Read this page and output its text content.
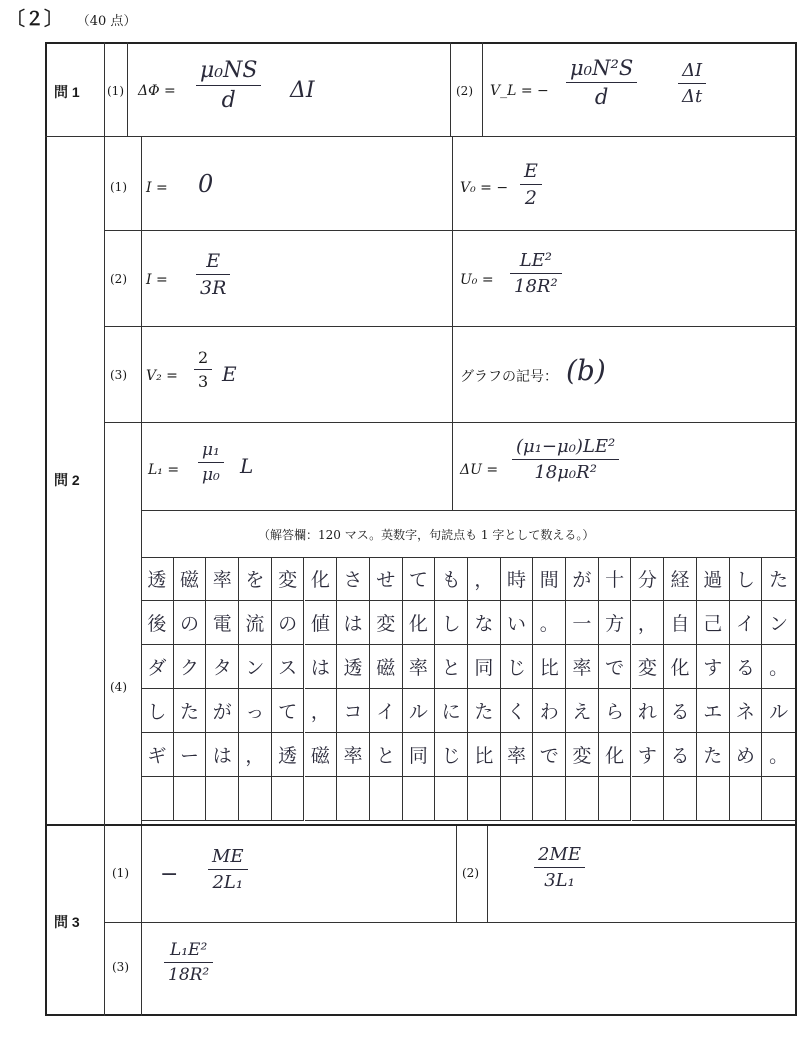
〔２〕 （40 点）
問 1 (1) ΔΦ =
μ₀NS
d ΔI	(2) V_L = −
μ₀N²S
d
ΔI
Δt
問 2
(1) I = 0	V₀ = −
E
2
(2) I =
E
3R	U₀ =
LE²
18R²
(3) V₂ =
2
3 E	グラフの記号： (b)
(4)
L₁ =
μ₁
μ₀ L	ΔU =
(μ₁−μ₀)LE²
18μ₀R²
（解答欄：120 マス。英数字，句読点も 1 字として数える。）
透 磁 率 を 変 化 さ せ て も ， 時 間 が 十 分 経 過 し た
後 の 電 流 の 値 は 変 化 し な い 。 一 方 ， 自 己 イ ン
ダ ク タ ン ス は 透 磁 率 と 同 じ 比 率 で 変 化 す る 。
し た が っ て ， コ イ ル に た く わ え ら れ る エ ネ ル
ギ ー は ， 透 磁 率 と 同 じ 比 率 で 変 化 す る た め 。
問 3
(1) −
ME
2L₁	(2)
2ME
3L₁
(3)
L₁E²
18R²
